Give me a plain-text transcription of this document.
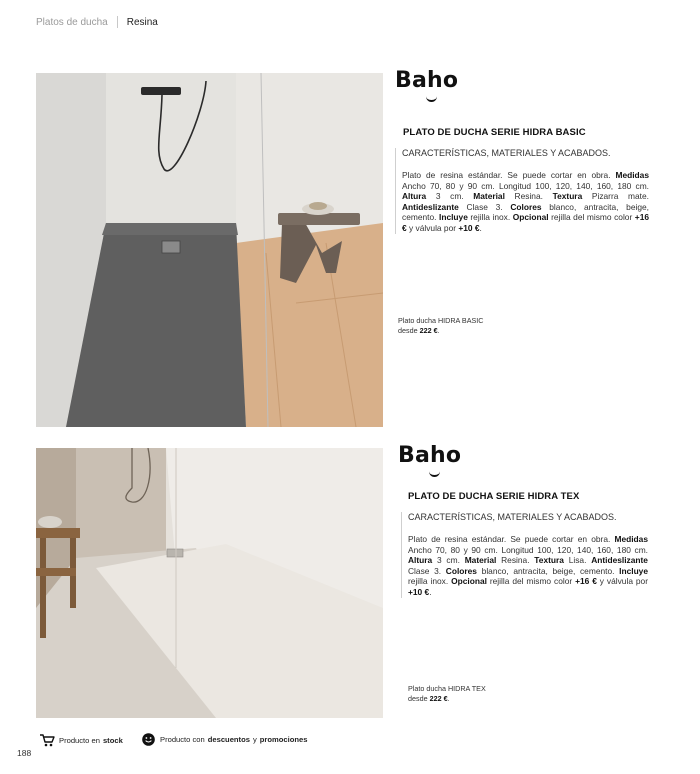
Platos de ducha Resina
Baho
PLATO DE DUCHA SERIE HIDRA BASIC
CARACTERÍSTICAS, MATERIALES Y ACABADOS.
Plato de resina estándar. Se puede cortar en obra. Medidas Ancho 70, 80 y 90 cm. Longitud 100, 120, 140, 160, 180 cm. Altura 3 cm. Material Resina. Textura Pizarra mate. Antideslizante Clase 3. Colores blanco, antracita, beige, cemento. Incluye rejilla inox. Opcional rejilla del mismo color +16 € y válvula por +10 €.
Plato ducha HIDRA BASIC
desde 222 €.
Baho
PLATO DE DUCHA SERIE HIDRA TEX
CARACTERÍSTICAS, MATERIALES Y ACABADOS.
Plato de resina estándar. Se puede cortar en obra. Medidas Ancho 70, 80 y 90 cm. Longitud 100, 120, 140, 160, 180 cm. Altura 3 cm. Material Resina. Textura Lisa. Antideslizante Clase 3. Colores blanco, antracita, beige, cemento. Incluye rejilla inox. Opcional rejilla del mismo color +16 € y válvula por +10 €.
Plato ducha HIDRA TEX
desde 222 €.
Producto en stock	Producto con descuentos y promociones
188
